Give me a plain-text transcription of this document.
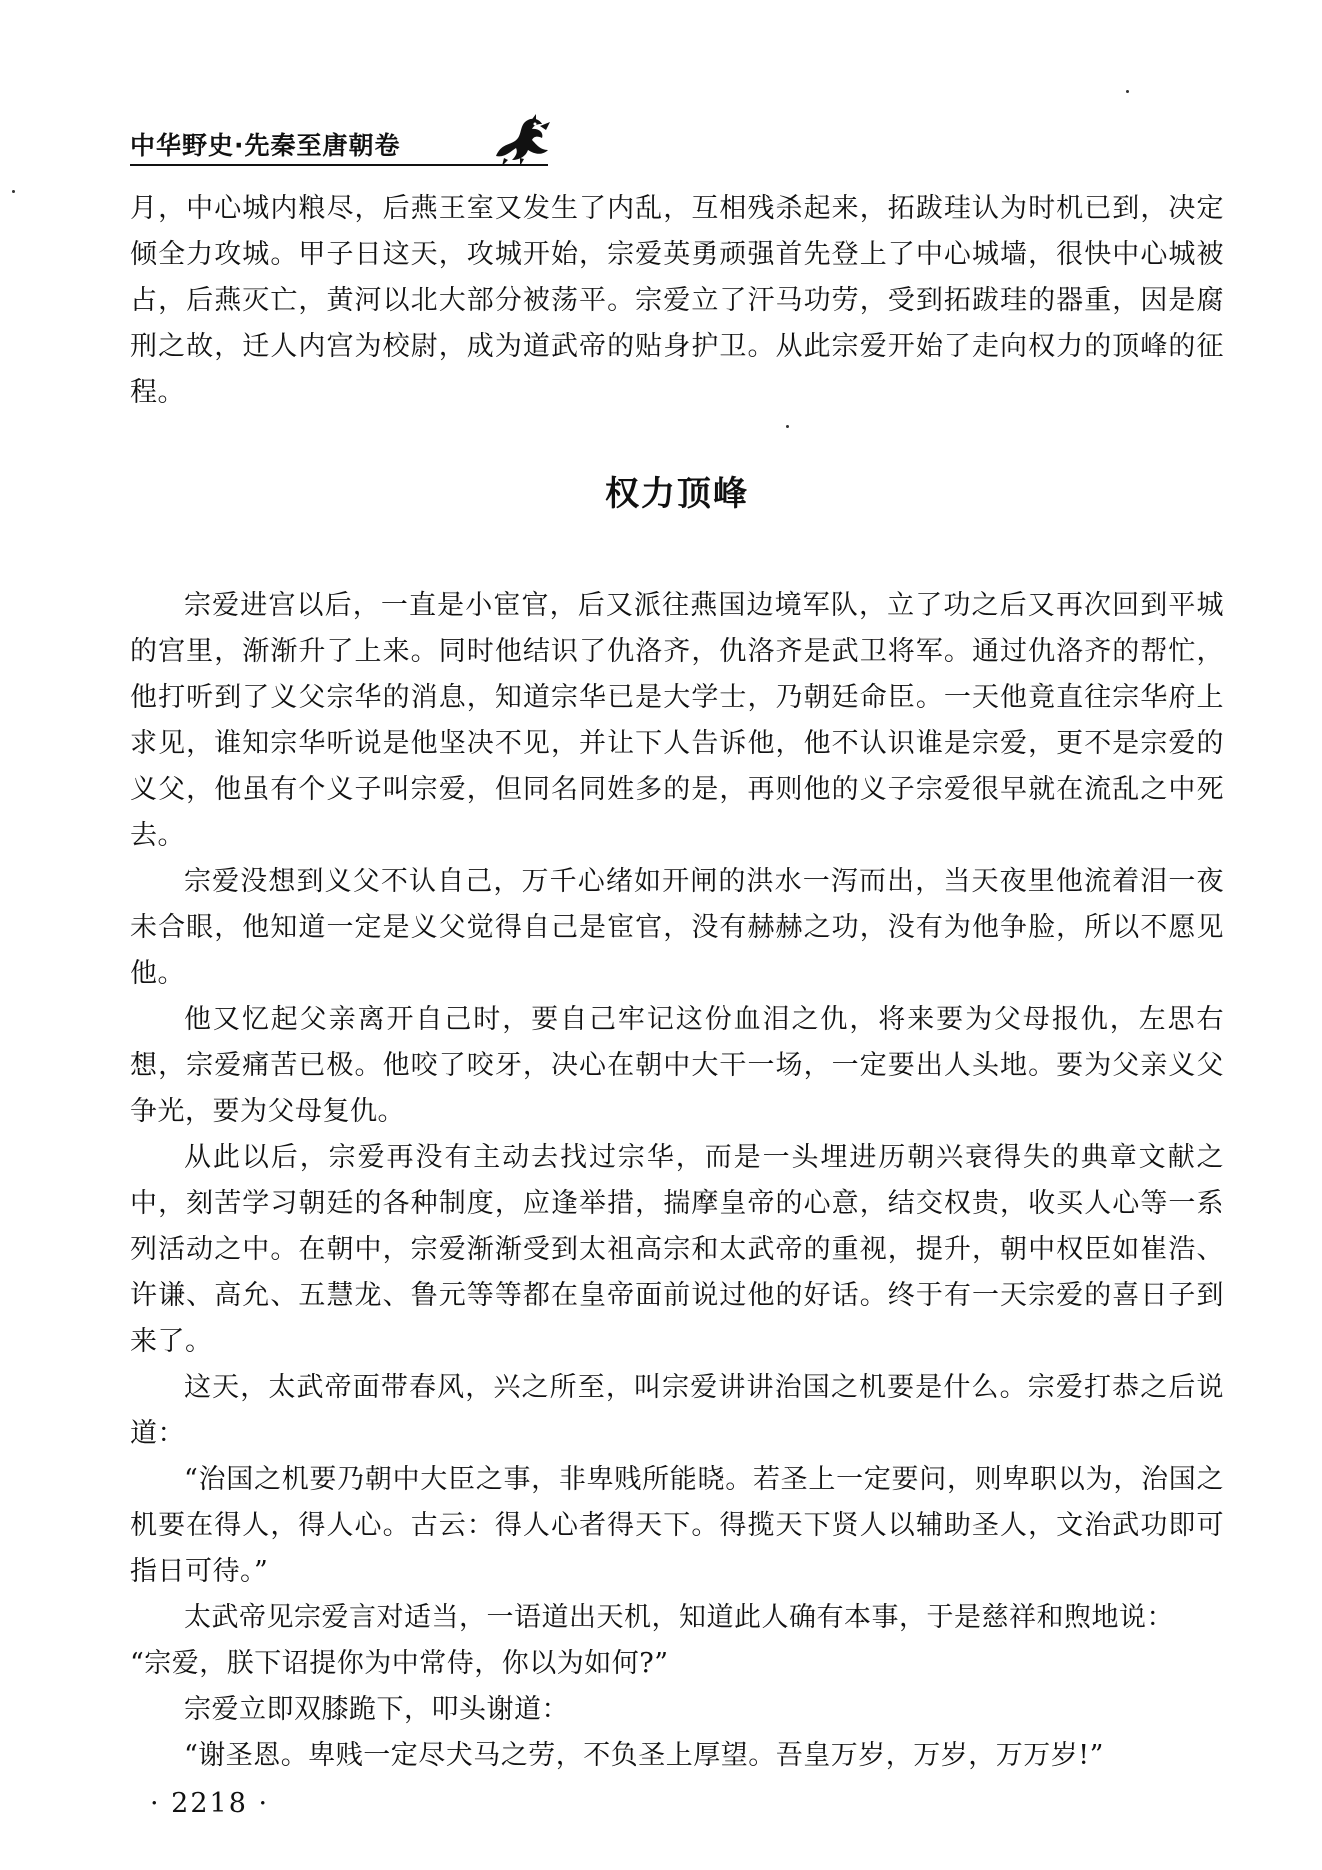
中华野史·先秦至唐朝卷

月，中心城内粮尽，后燕王室又发生了内乱，互相残杀起来，拓跋珪认为时机已到，决定倾全力攻城。甲子日这天，攻城开始，宗爱英勇顽强首先登上了中心城墙，很快中心城被占，后燕灭亡，黄河以北大部分被荡平。宗爱立了汗马功劳，受到拓跋珪的器重，因是腐刑之故，迁人内宫为校尉，成为道武帝的贴身护卫。从此宗爱开始了走向权力的顶峰的征程。

权力顶峰

宗爱进宫以后，一直是小宦官，后又派往燕国边境军队，立了功之后又再次回到平城的宫里，渐渐升了上来。同时他结识了仇洛齐，仇洛齐是武卫将军。通过仇洛齐的帮忙，他打听到了义父宗华的消息，知道宗华已是大学士，乃朝廷命臣。一天他竟直往宗华府上求见，谁知宗华听说是他坚决不见，并让下人告诉他，他不认识谁是宗爱，更不是宗爱的义父，他虽有个义子叫宗爱，但同名同姓多的是，再则他的义子宗爱很早就在流乱之中死去。

宗爱没想到义父不认自己，万千心绪如开闸的洪水一泻而出，当天夜里他流着泪一夜未合眼，他知道一定是义父觉得自己是宦官，没有赫赫之功，没有为他争脸，所以不愿见他。

他又忆起父亲离开自己时，要自己牢记这份血泪之仇，将来要为父母报仇，左思右想，宗爱痛苦已极。他咬了咬牙，决心在朝中大干一场，一定要出人头地。要为父亲义父争光，要为父母复仇。

从此以后，宗爱再没有主动去找过宗华，而是一头埋进历朝兴衰得失的典章文献之中，刻苦学习朝廷的各种制度，应逢举措，揣摩皇帝的心意，结交权贵，收买人心等一系列活动之中。在朝中，宗爱渐渐受到太祖高宗和太武帝的重视，提升，朝中权臣如崔浩、许谦、高允、五慧龙、鲁元等等都在皇帝面前说过他的好话。终于有一天宗爱的喜日子到来了。

这天，太武帝面带春风，兴之所至，叫宗爱讲讲治国之机要是什么。宗爱打恭之后说道：

“治国之机要乃朝中大臣之事，非卑贱所能晓。若圣上一定要问，则卑职以为，治国之机要在得人，得人心。古云：得人心者得天下。得揽天下贤人以辅助圣人，文治武功即可指日可待。”

太武帝见宗爱言对适当，一语道出天机，知道此人确有本事，于是慈祥和煦地说：

“宗爱，朕下诏提你为中常侍，你以为如何?”

宗爱立即双膝跪下，叩头谢道：

“谢圣恩。卑贱一定尽犬马之劳，不负圣上厚望。吾皇万岁，万岁，万万岁!”

· 2218 ·
